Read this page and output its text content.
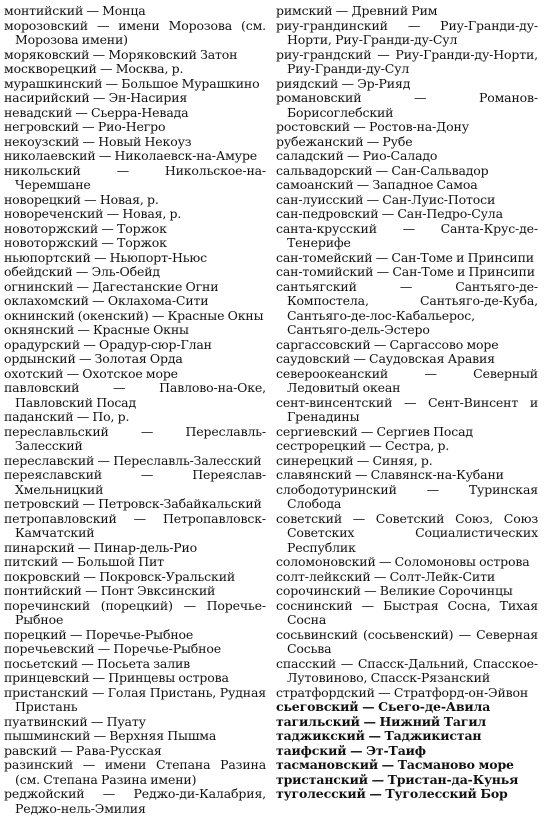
монтийский — Монца

морозовский — имени Морозова (см. Морозова имени)

моряковский — Моряковский Затон

москворецкий — Москва, р.

мурашкинский — Большое Мурашкино

насирийский — Эн-Насирия

невадский — Сьерра-Невада

негровский — Рио-Негро

некоузский — Новый Некоуз

николаевский — Николаевск-на-Амуре

никольский — Никольское-на-Черемшане

новорецкий — Новая, р.

новореченский — Новая, р.

новоторжский — Торжок

новоторжский — Торжок

ньюпортский — Ньюпорт-Ньюс

обейдский — Эль-Обейд

огнинский — Дагестанские Огни

оклахомский — Оклахома-Сити

окнинский (окенский) — Красные Окны

окнянский — Красные Окны

орадурский — Орадур-сюр-Глан

ордынский — Золотая Орда

охотский — Охотское море

павловский — Павлово-на-Оке, Павловский Посад

паданский — По, р.

переславльский — Переславль-Залесский

переславский — Переславль-Залесский

переяславский — Переяслав-Хмельницкий

петровский — Петровск-Забайкальский

петропавловский — Петропавловск-Камчатский

пинарский — Пинар-дель-Рио

питский — Большой Пит

покровский — Покровск-Уральский

понтийский — Понт Эвксинский

поречинский (порецкий) — Поречье-Рыбное

порецкий — Поречье-Рыбное

поречьевский — Поречье-Рыбное

посьетский — Посьета залив

принцевский — Принцевы острова

пристанский — Голая Пристань, Рудная Пристань

пуатвинский — Пуату

пышминский — Верхняя Пышма

равский — Рава-Русская

разинский — имени Степана Разина (см. Степана Разина имени)

реджойский — Реджо-ди-Калабрия, Реджо-нель-Эмилия

римский — Древний Рим

риу-грандинский — Риу-Гранди-ду-Норти, Риу-Гранди-ду-Сул

риу-грандский — Риу-Гранди-ду-Норти, Риу-Гранди-ду-Сул

риядский — Эр-Рияд

романовский — Романов-Борисоглебский

ростовский — Ростов-на-Дону

рубежанский — Рубе

саладский — Рио-Саладо

сальвадорский — Сан-Сальвадор

самоанский — Западное Самоа

сан-луисский — Сан-Луис-Потоси

сан-педровский — Сан-Педро-Сула

санта-крусский — Санта-Крус-де-Тенерифе

сан-томейский — Сан-Томе и Принсипи

сан-томийский — Сан-Томе и Принсипи

сантьягский — Сантьяго-де-Компостела, Сантьяго-де-Куба, Сантьяго-де-лос-Кабальерос, Сантьяго-дель-Эстеро

саргассовский — Саргассово море

саудовский — Саудовская Аравия

североокеанский — Северный Ледовитый океан

сент-винсентский — Сент-Винсент и Гренадины

сергиевский — Сергиев Посад

сестрорецкий — Сестра, р.

синерецкий — Синяя, р.

славянский — Славянск-на-Кубани

слободотуринский — Туринская Слобода

советский — Советский Союз, Союз Советских Социалистических Республик

соломоновский — Соломоновы острова

солт-лейкский — Солт-Лейк-Сити

сорочинский — Великие Сорочинцы

соснинский — Быстрая Сосна, Тихая Сосна

сосьвинский (сосьвенский) — Северная Сосьва

спасский — Спасск-Дальний, Спасское-Лутовиново, Спасск-Рязанский

стратфордский — Стратфорд-он-Эйвон

сьеговский — Сьего-де-Авила

тагильский — Нижний Тагил

таджикский — Таджикистан

таифский — Эт-Таиф

тасмановский — Тасманово море

тристанский — Тристан-да-Кунья

туголесский — Туголесский Бор
